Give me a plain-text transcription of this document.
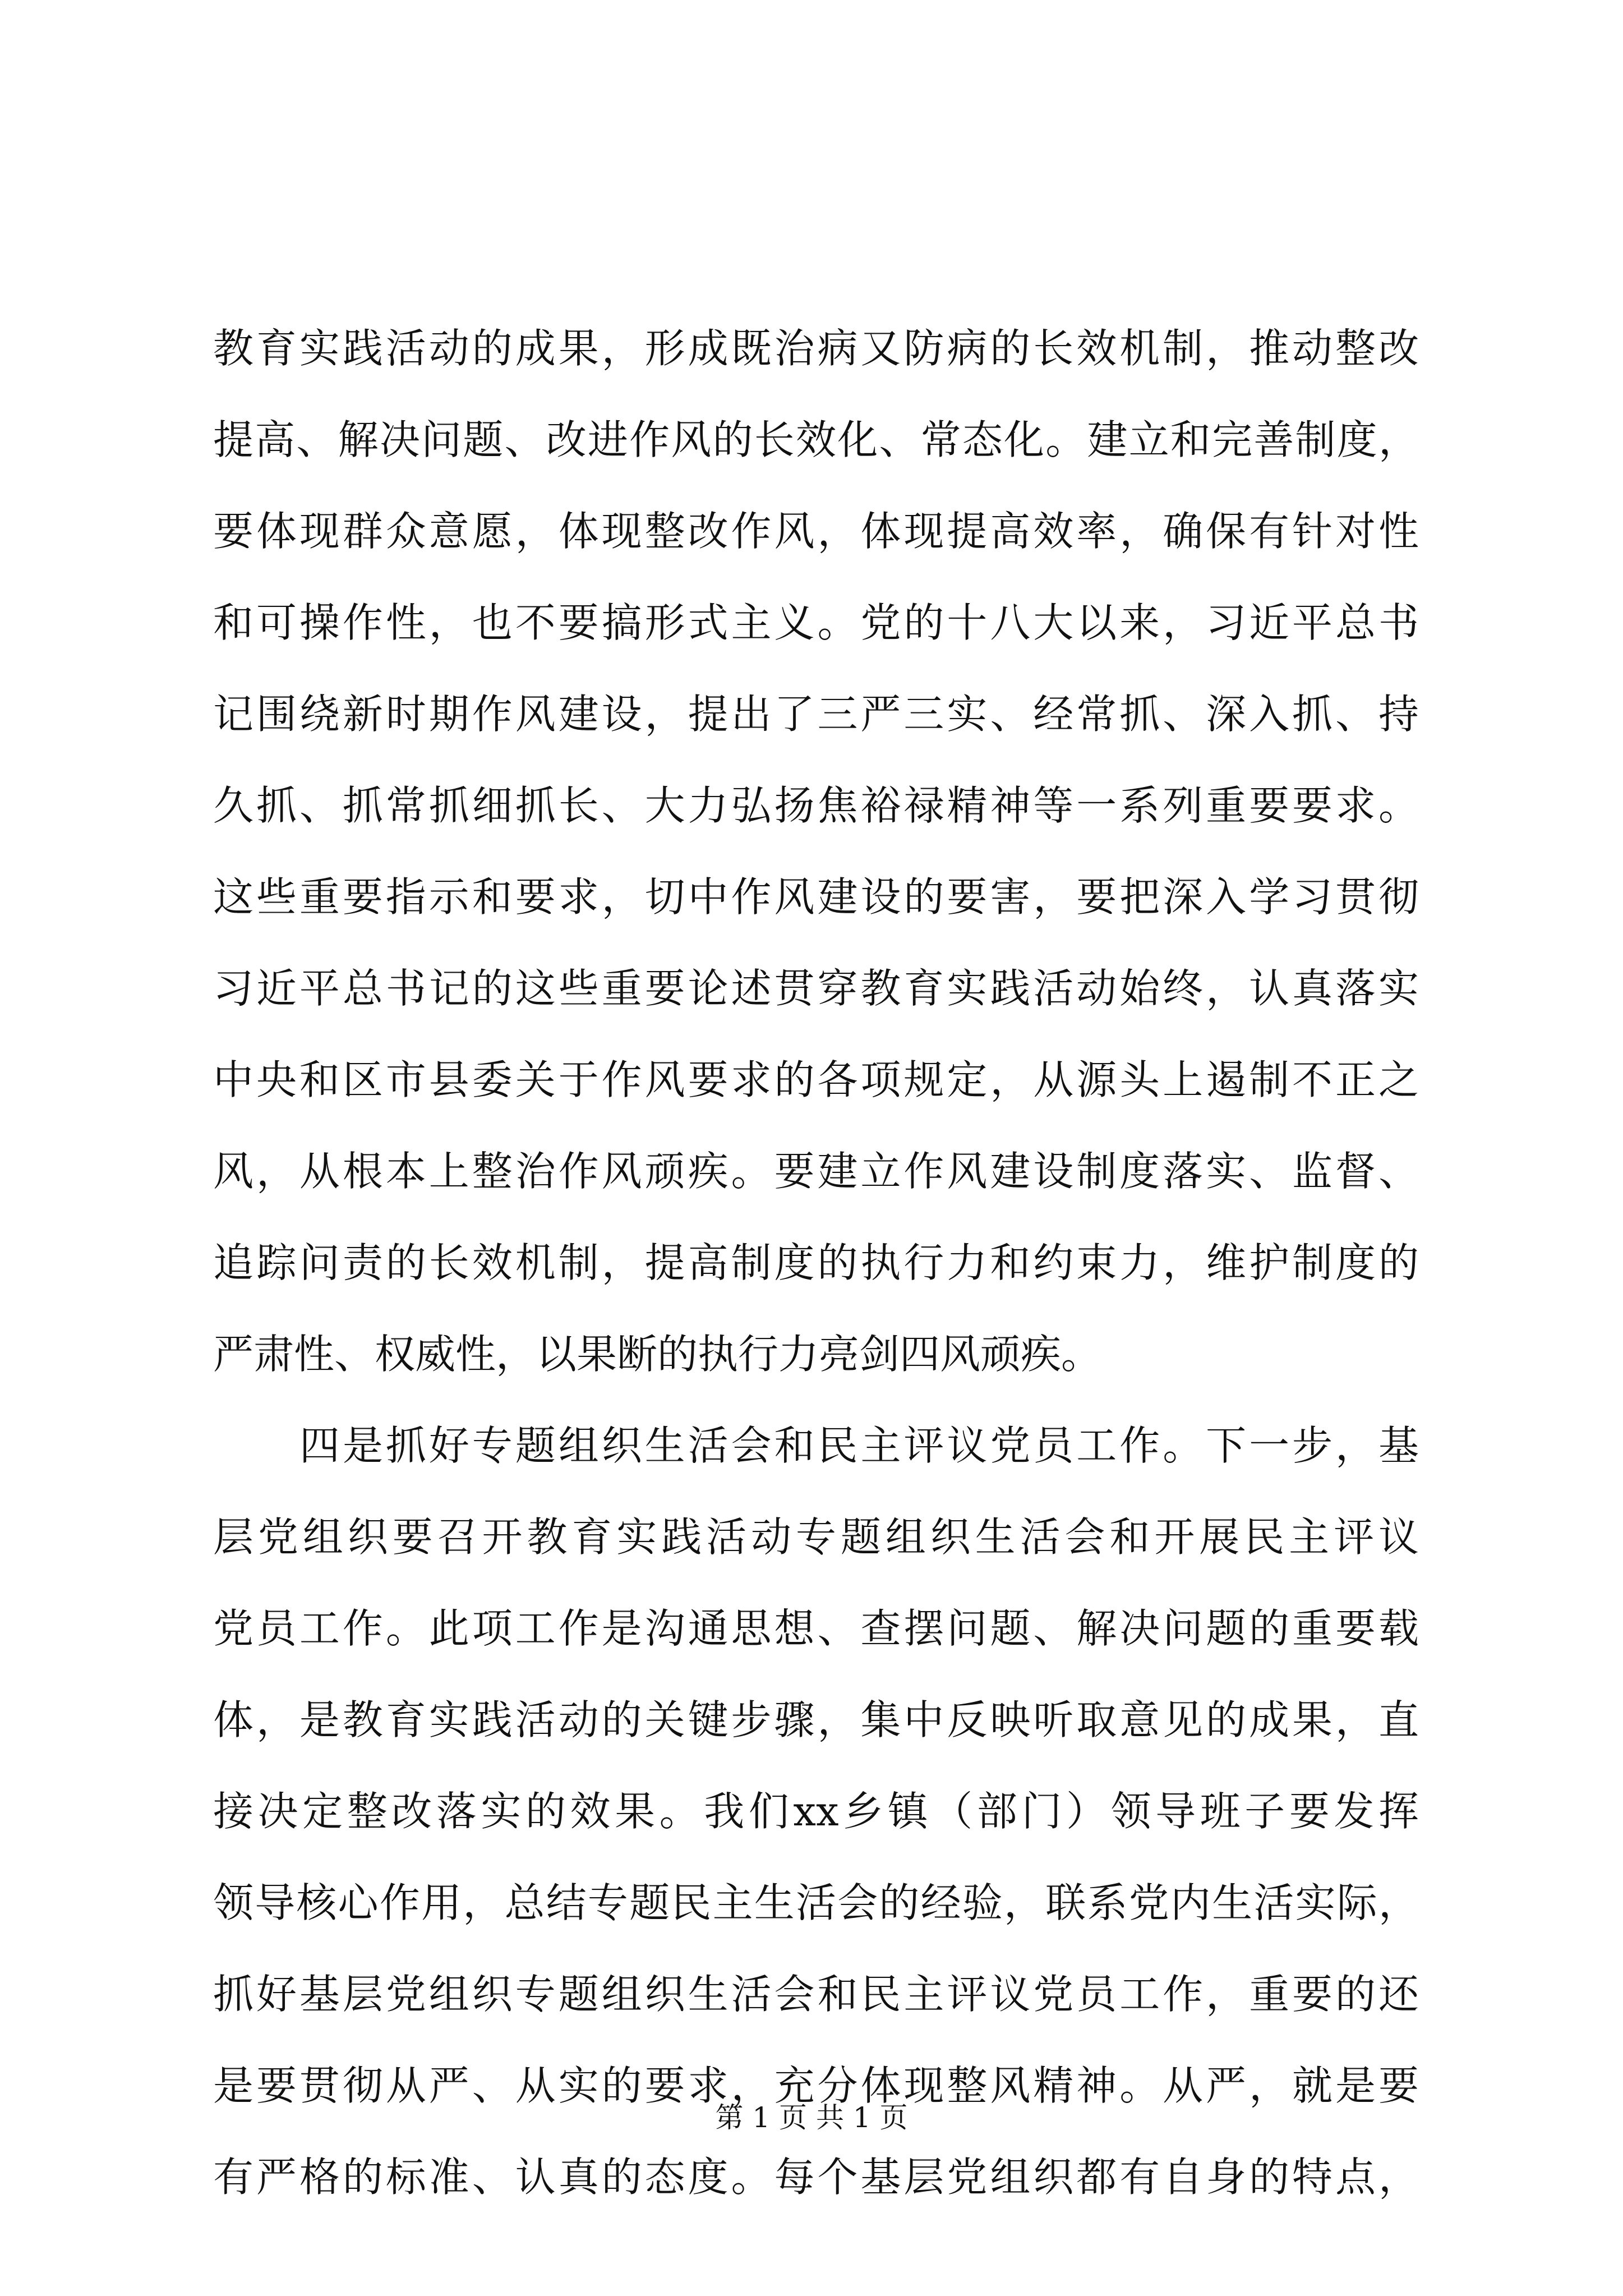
教育实践活动的成果，形成既治病又防病的长效机制，推动整改
提高、解决问题、改进作风的长效化、常态化。建立和完善制度，
要体现群众意愿，体现整改作风，体现提高效率，确保有针对性
和可操作性，也不要搞形式主义。党的十八大以来，习近平总书
记围绕新时期作风建设，提出了三严三实、经常抓、深入抓、持
久抓、抓常抓细抓长、大力弘扬焦裕禄精神等一系列重要要求。
这些重要指示和要求，切中作风建设的要害，要把深入学习贯彻
习近平总书记的这些重要论述贯穿教育实践活动始终，认真落实
中央和区市县委关于作风要求的各项规定，从源头上遏制不正之
风，从根本上整治作风顽疾。要建立作风建设制度落实、监督、
追踪问责的长效机制，提高制度的执行力和约束力，维护制度的
严肃性、权威性，以果断的执行力亮剑四风顽疾。
四是抓好专题组织生活会和民主评议党员工作。下一步，基
层党组织要召开教育实践活动专题组织生活会和开展民主评议
党员工作。此项工作是沟通思想、查摆问题、解决问题的重要载
体，是教育实践活动的关键步骤，集中反映听取意见的成果，直
接决定整改落实的效果。我们xx乡镇（部门）领导班子要发挥
领导核心作用，总结专题民主生活会的经验，联系党内生活实际，
抓好基层党组织专题组织生活会和民主评议党员工作，重要的还
是要贯彻从严、从实的要求，充分体现整风精神。从严，就是要
有严格的标准、认真的态度。每个基层党组织都有自身的特点，
第 1 页 共 1 页
